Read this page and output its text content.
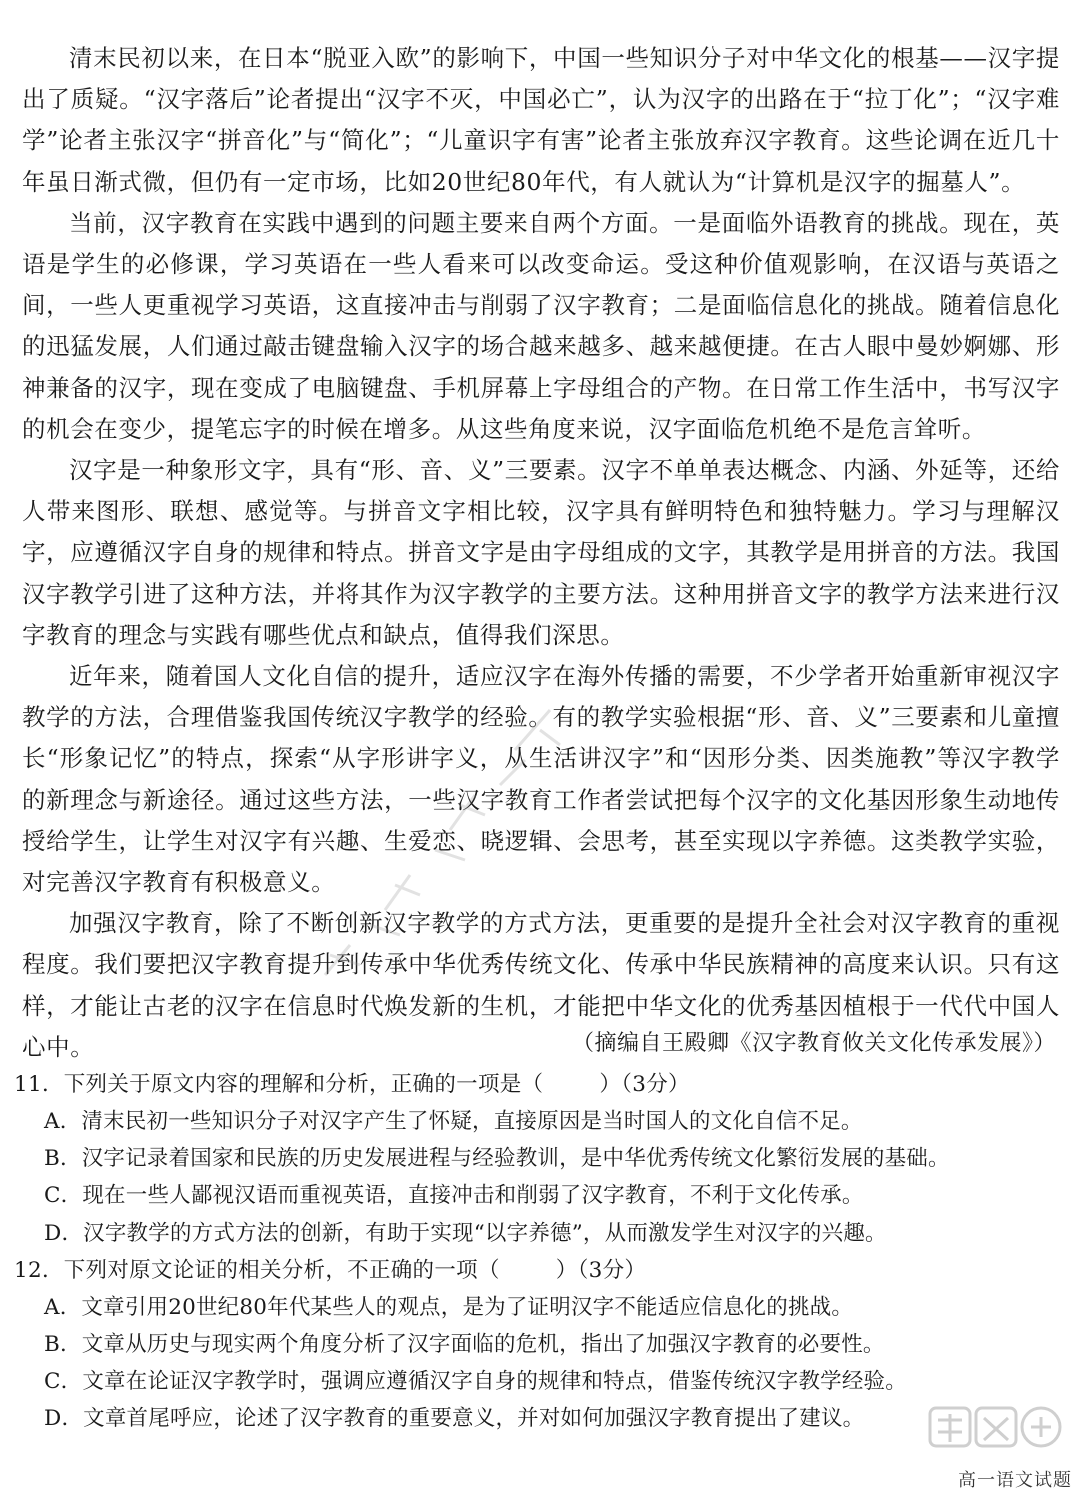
清末民初以来，在日本“脱亚入欧”的影响下，中国一些知识分子对中华文化的根基——汉字提出了质疑。“汉字落后”论者提出“汉字不灭，中国必亡”，认为汉字的出路在于“拉丁化”；“汉字难学”论者主张汉字“拼音化”与“简化”；“儿童识字有害”论者主张放弃汉字教育。这些论调在近几十年虽日渐式微，但仍有一定市场，比如20世纪80年代，有人就认为“计算机是汉字的掘墓人”。

当前，汉字教育在实践中遇到的问题主要来自两个方面。一是面临外语教育的挑战。现在，英语是学生的必修课，学习英语在一些人看来可以改变命运。受这种价值观影响，在汉语与英语之间，一些人更重视学习英语，这直接冲击与削弱了汉字教育；二是面临信息化的挑战。随着信息化的迅猛发展，人们通过敲击键盘输入汉字的场合越来越多、越来越便捷。在古人眼中曼妙婀娜、形神兼备的汉字，现在变成了电脑键盘、手机屏幕上字母组合的产物。在日常工作生活中，书写汉字的机会在变少，提笔忘字的时候在增多。从这些角度来说，汉字面临危机绝不是危言耸听。

汉字是一种象形文字，具有“形、音、义”三要素。汉字不单单表达概念、内涵、外延等，还给人带来图形、联想、感觉等。与拼音文字相比较，汉字具有鲜明特色和独特魅力。学习与理解汉字，应遵循汉字自身的规律和特点。拼音文字是由字母组成的文字，其教学是用拼音的方法。我国汉字教学引进了这种方法，并将其作为汉字教学的主要方法。这种用拼音文字的教学方法来进行汉字教育的理念与实践有哪些优点和缺点，值得我们深思。

近年来，随着国人文化自信的提升，适应汉字在海外传播的需要，不少学者开始重新审视汉字教学的方法，合理借鉴我国传统汉字教学的经验。有的教学实验根据“形、音、义”三要素和儿童擅长“形象记忆”的特点，探索“从字形讲字义，从生活讲汉字”和“因形分类、因类施教”等汉字教学的新理念与新途径。通过这些方法，一些汉字教育工作者尝试把每个汉字的文化基因形象生动地传授给学生，让学生对汉字有兴趣、生爱恋、晓逻辑、会思考，甚至实现以字养德。这类教学实验，对完善汉字教育有积极意义。

加强汉字教育，除了不断创新汉字教学的方式方法，更重要的是提升全社会对汉字教育的重视程度。我们要把汉字教育提升到传承中华优秀传统文化、传承中华民族精神的高度来认识。只有这样，才能让古老的汉字在信息时代焕发新的生机，才能把中华文化的优秀基因植根于一代代中国人心中。	（摘编自王殿卿《汉字教育攸关文化传承发展》）

11．下列关于原文内容的理解和分析，正确的一项是（	）（3分）

A．清末民初一些知识分子对汉字产生了怀疑，直接原因是当时国人的文化自信不足。

B．汉字记录着国家和民族的历史发展进程与经验教训，是中华优秀传统文化繁衍发展的基础。

C．现在一些人鄙视汉语而重视英语，直接冲击和削弱了汉字教育，不利于文化传承。

D．汉字教学的方式方法的创新，有助于实现“以字养德”，从而激发学生对汉字的兴趣。

12．下列对原文论证的相关分析，不正确的一项（	）（3分）

A．文章引用20世纪80年代某些人的观点，是为了证明汉字不能适应信息化的挑战。

B．文章从历史与现实两个角度分析了汉字面临的危机，指出了加强汉字教育的必要性。

C．文章在论证汉字教学时，强调应遵循汉字自身的规律和特点，借鉴传统汉字教学经验。

D．文章首尾呼应，论述了汉字教育的重要意义，并对如何加强汉字教育提出了建议。

高一语文试题
